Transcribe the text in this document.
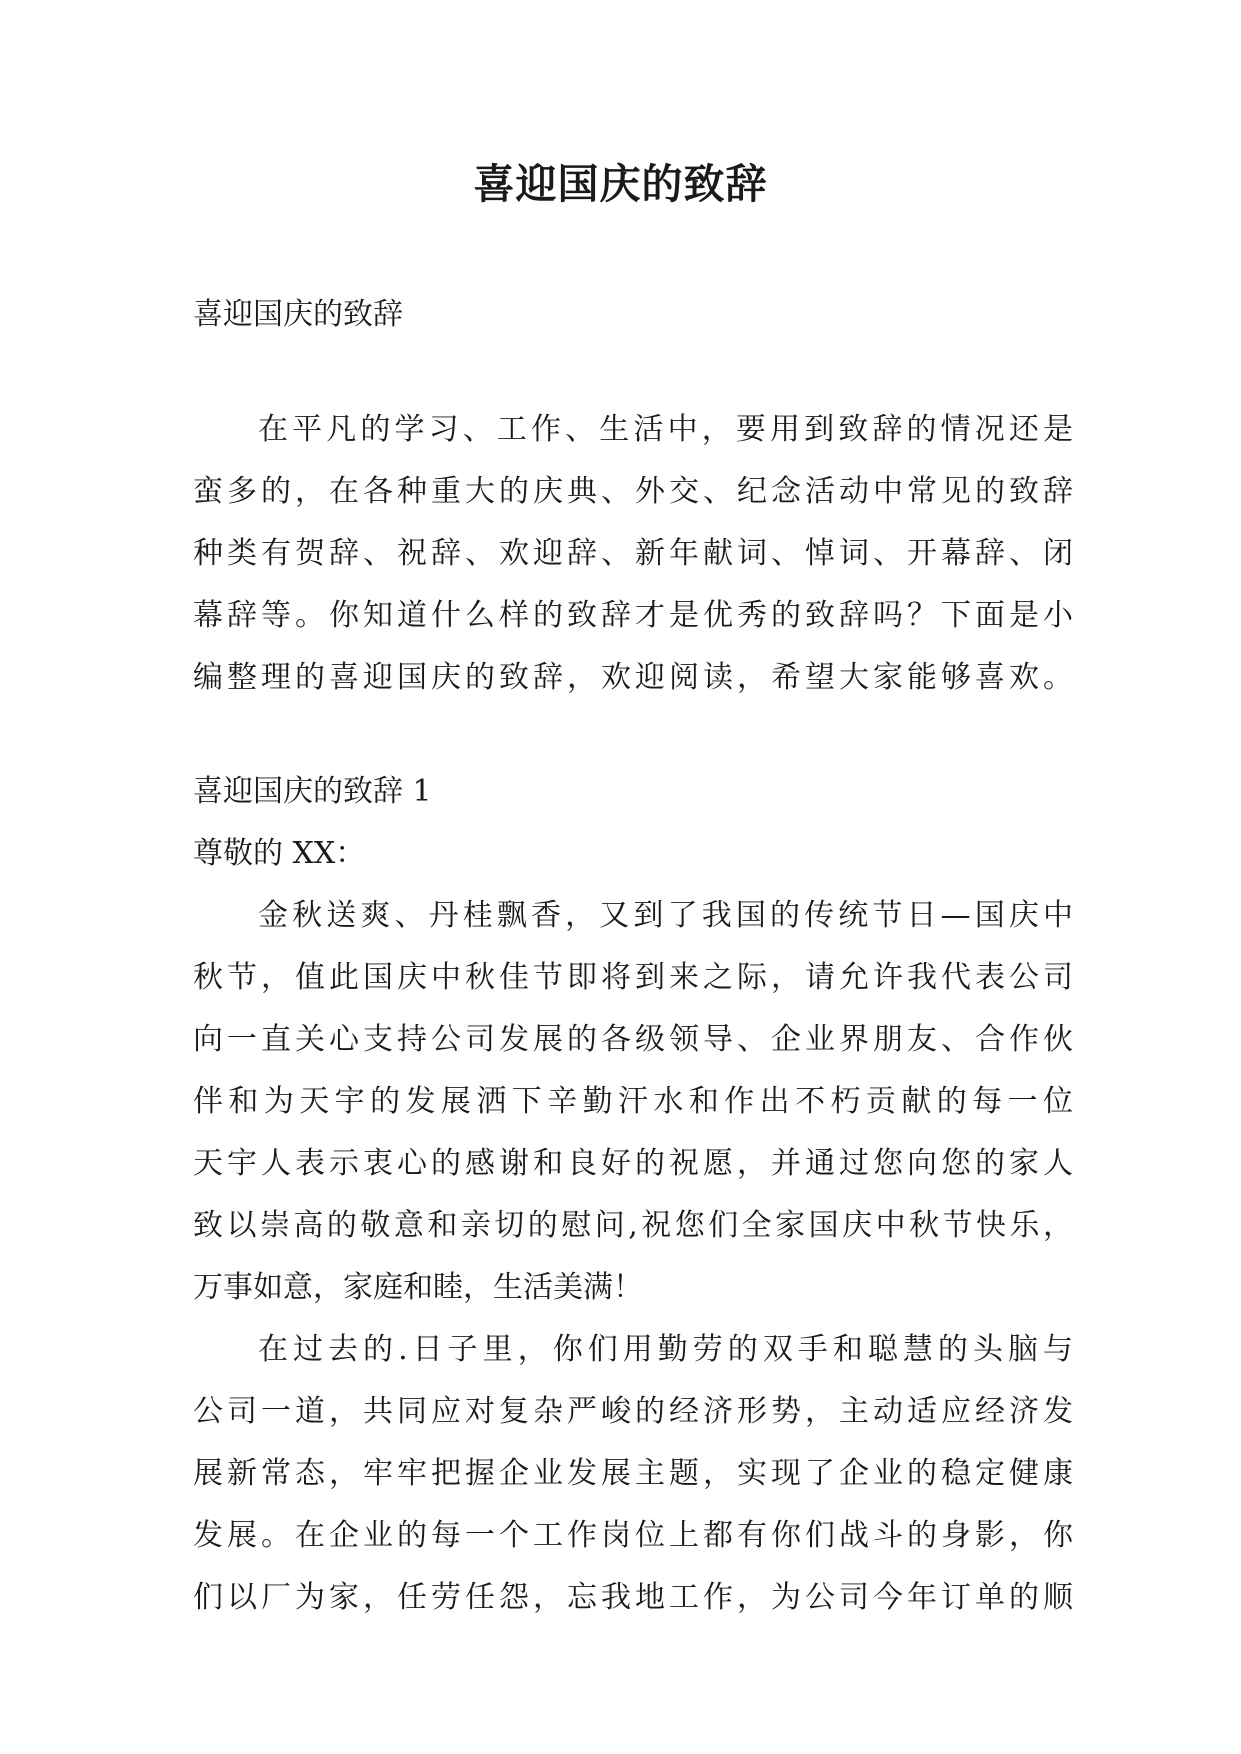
喜迎国庆的致辞

喜迎国庆的致辞

在平凡的学习、工作、生活中，要用到致辞的情况还是

蛮多的，在各种重大的庆典、外交、纪念活动中常见的致辞

种类有贺辞、祝辞、欢迎辞、新年献词、悼词、开幕辞、闭

幕辞等。你知道什么样的致辞才是优秀的致辞吗？下面是小

编整理的喜迎国庆的致辞，欢迎阅读，希望大家能够喜欢。

喜迎国庆的致辞 1

尊敬的 XX：

金秋送爽、丹桂飘香，又到了我国的传统节日—国庆中

秋节，值此国庆中秋佳节即将到来之际，请允许我代表公司

向一直关心支持公司发展的各级领导、企业界朋友、合作伙

伴和为天宇的发展洒下辛勤汗水和作出不朽贡献的每一位

天宇人表示衷心的感谢和良好的祝愿，并通过您向您的家人

致以崇高的敬意和亲切的慰问,祝您们全家国庆中秋节快乐，

万事如意，家庭和睦，生活美满！

在过去的.日子里，你们用勤劳的双手和聪慧的头脑与

公司一道，共同应对复杂严峻的经济形势，主动适应经济发

展新常态，牢牢把握企业发展主题，实现了企业的稳定健康

发展。在企业的每一个工作岗位上都有你们战斗的身影，你

们以厂为家，任劳任怨，忘我地工作，为公司今年订单的顺
